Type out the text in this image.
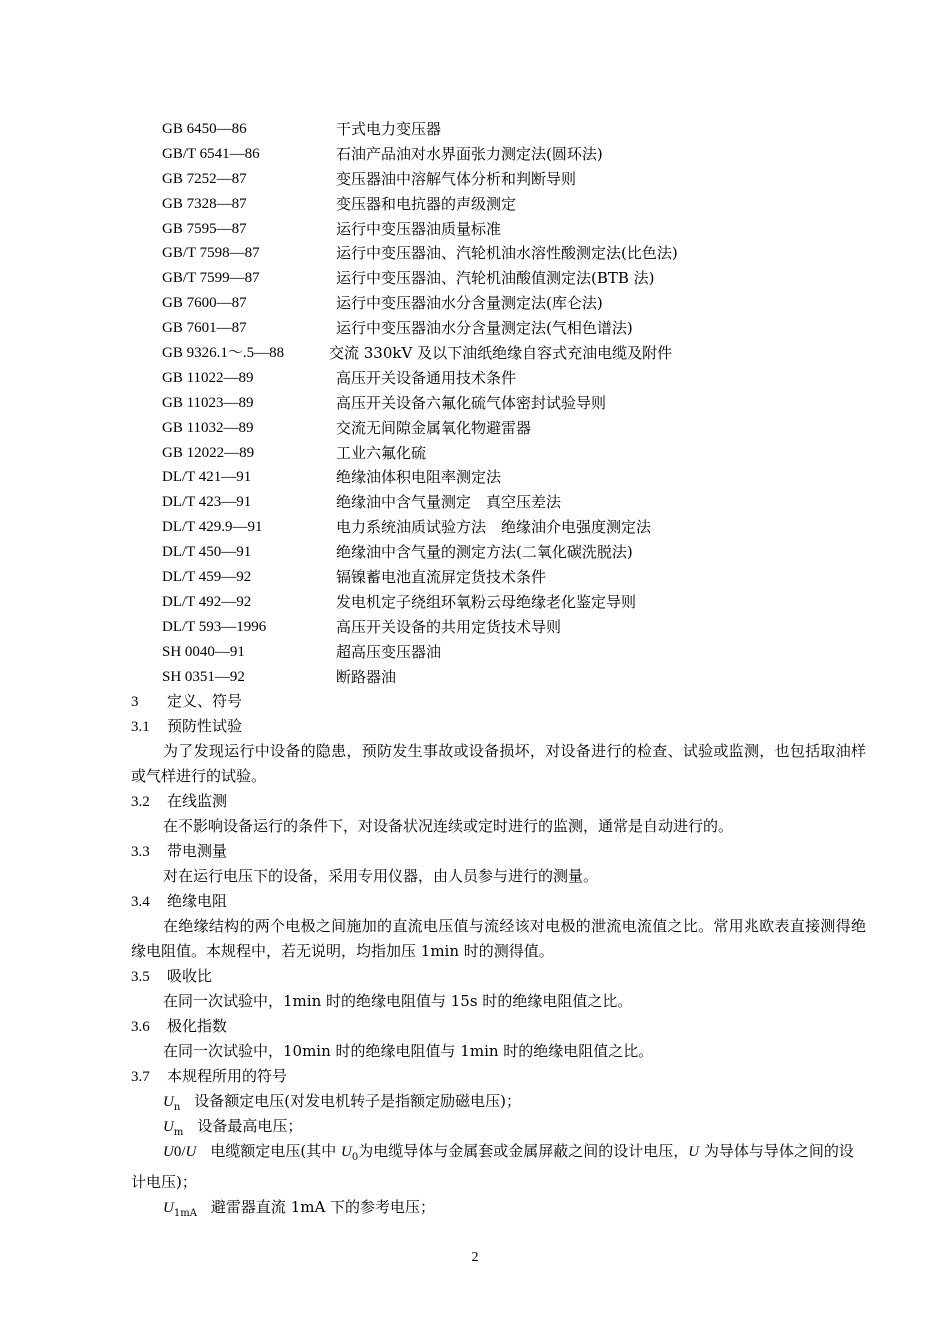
GB 6450—86	干式电力变压器
GB/T 6541—86	石油产品油对水界面张力测定法(圆环法)
GB 7252—87	变压器油中溶解气体分析和判断导则
GB 7328—87	变压器和电抗器的声级测定
GB 7595—87	运行中变压器油质量标准
GB/T 7598—87	运行中变压器油、汽轮机油水溶性酸测定法(比色法)
GB/T 7599—87	运行中变压器油、汽轮机油酸值测定法(BTB 法)
GB 7600—87	运行中变压器油水分含量测定法(库仑法)
GB 7601—87	运行中变压器油水分含量测定法(气相色谱法)
GB 9326.1～.5—88	交流 330kV 及以下油纸绝缘自容式充油电缆及附件
GB 11022—89	高压开关设备通用技术条件
GB 11023—89	高压开关设备六氟化硫气体密封试验导则
GB 11032—89	交流无间隙金属氧化物避雷器
GB 12022—89	工业六氟化硫
DL/T 421—91	绝缘油体积电阻率测定法
DL/T 423—91	绝缘油中含气量测定　真空压差法
DL/T 429.9—91	电力系统油质试验方法　绝缘油介电强度测定法
DL/T 450—91	绝缘油中含气量的测定方法(二氧化碳洗脱法)
DL/T 459—92	镉镍蓄电池直流屏定货技术条件
DL/T 492—92	发电机定子绕组环氧粉云母绝缘老化鉴定导则
DL/T 593—1996	高压开关设备的共用定货技术导则
SH 0040—91	超高压变压器油
SH 0351—92	断路器油
3 定义、符号
3.1 预防性试验

为了发现运行中设备的隐患，预防发生事故或设备损坏，对设备进行的检查、试验或监测，也包括取油样或气样进行的试验。

3.2 在线监测

在不影响设备运行的条件下，对设备状况连续或定时进行的监测，通常是自动进行的。

3.3 带电测量

对在运行电压下的设备，采用专用仪器，由人员参与进行的测量。

3.4 绝缘电阻

在绝缘结构的两个电极之间施加的直流电压值与流经该对电极的泄流电流值之比。常用兆欧表直接测得绝缘电阻值。本规程中，若无说明，均指加压 1min 时的测得值。

3.5 吸收比

在同一次试验中，1min 时的绝缘电阻值与 15s 时的绝缘电阻值之比。

3.6 极化指数

在同一次试验中，10min 时的绝缘电阻值与 1min 时的绝缘电阻值之比。

3.7 本规程所用的符号
$U_n$ 设备额定电压(对发电机转子是指额定励磁电压)；
$U_m$ 设备最高电压；

U0/U 电缆额定电压(其中 $U_0$为电缆导体与金属套或金属屏蔽之间的设计电压，U 为导体与导体之间的设计电压)；

$U_{1mA}$ 避雷器直流 1mA 下的参考电压；
2
